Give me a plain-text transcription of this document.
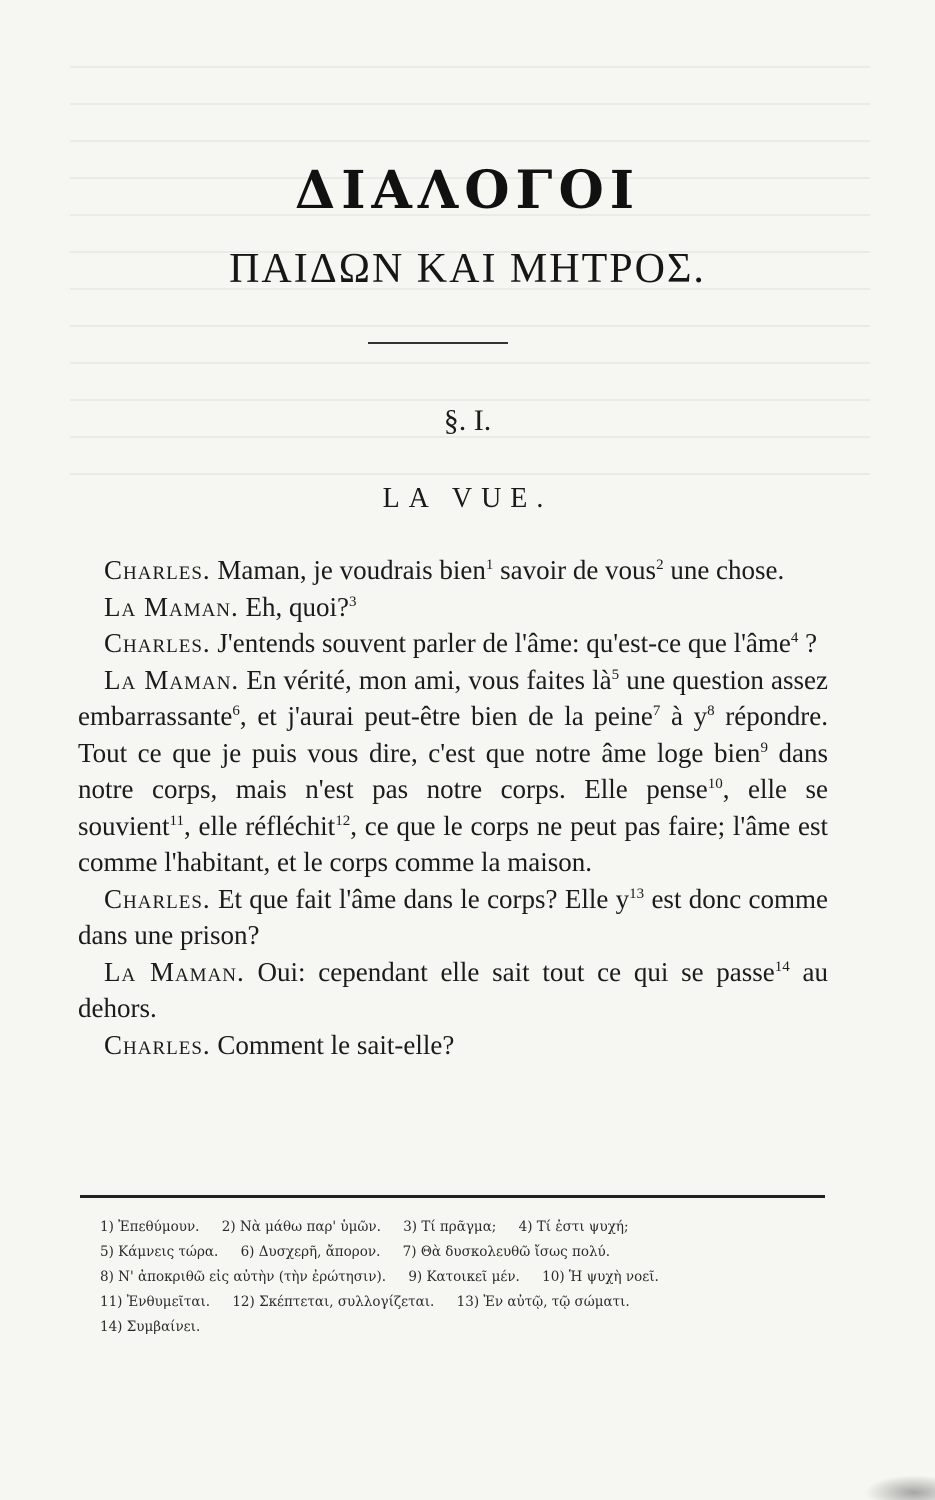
ΔΙΑΛΟΓΟΙ
ΠΑΙΔΩΝ ΚΑΙ ΜΗΤΡΟΣ.
§. I.
LA VUE.

Charles. Maman, je voudrais bien$^1$ savoir de vous$^2$ une chose.

La Maman. Eh, quoi?$^3$

Charles. J'entends souvent parler de l'âme: qu'est-ce que l'âme$^4$ ?

La Maman. En vérité, mon ami, vous faites $là^5$ une question assez embarrassante$^6$, et j'aurai peut-être bien de la peine$^7$ à $y^8$ répondre. Tout ce que je puis vous dire, c'est que notre âme loge bien$^9$ dans notre corps, mais n'est pas notre corps. Elle pense$^{10}$, elle se souvient$^{11}$, elle réfléchit$^{12}$, ce que le corps ne peut pas faire; l'âme est comme l'habitant, et le corps comme la maison.

Charles. Et que fait l'âme dans le corps? Elle $y^{13}$ est donc comme dans une prison?

La Maman. Oui: cependant elle sait tout ce qui se passe$^{14}$ au dehors.

Charles. Comment le sait-elle?

1) Ἐπεθύμουν. 2) Νὰ μάθω παρ' ὑμῶν. 3) Τί πρᾶγμα; 4) Τί ἐστι ψυχή;
5) Κάμνεις τώρα. 6) Δυσχερῆ, ἄπορον. 7) Θὰ δυσκολευθῶ ἴσως πολύ.
8) Ν' ἀποκριθῶ εἰς αὐτὴν (τὴν ἐρώτησιν). 9) Κατοικεῖ μέν. 10) Ἡ ψυχὴ νοεῖ.
11) Ἐνθυμεῖται. 12) Σκέπτεται, συλλογίζεται. 13) Ἐν αὐτῷ, τῷ σώματι.
14) Συμβαίνει.
